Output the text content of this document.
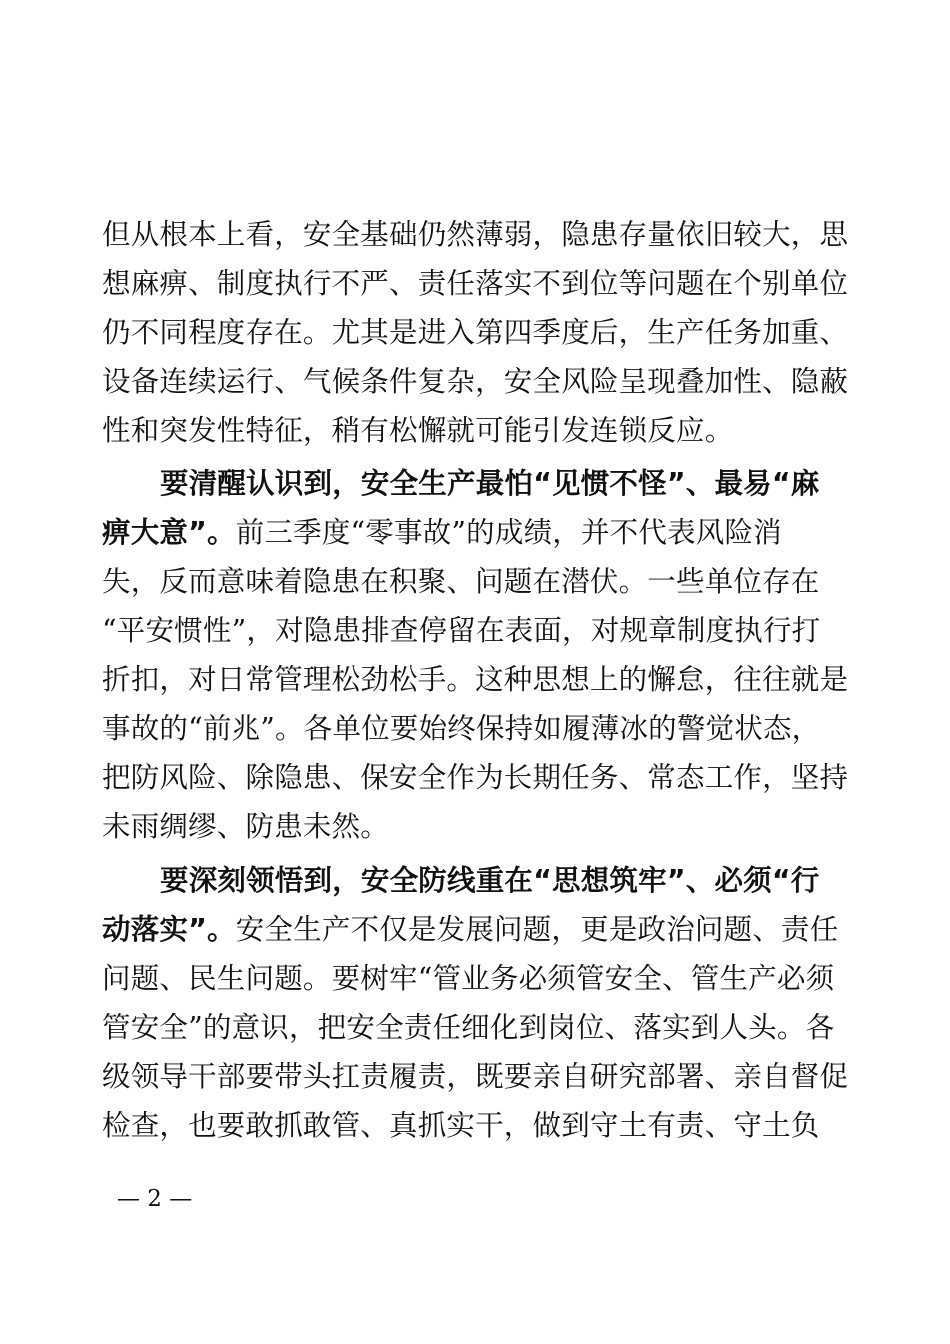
但从根本上看，安全基础仍然薄弱，隐患存量依旧较大，思
想麻痹、制度执行不严、责任落实不到位等问题在个别单位
仍不同程度存在。尤其是进入第四季度后，生产任务加重、
设备连续运行、气候条件复杂，安全风险呈现叠加性、隐蔽
性和突发性特征，稍有松懈就可能引发连锁反应。
要清醒认识到，安全生产最怕“见惯不怪”、最易“麻
痹大意”。前三季度“零事故”的成绩，并不代表风险消
失，反而意味着隐患在积聚、问题在潜伏。一些单位存在
“平安惯性”，对隐患排查停留在表面，对规章制度执行打
折扣，对日常管理松劲松手。这种思想上的懈怠，往往就是
事故的“前兆”。各单位要始终保持如履薄冰的警觉状态，
把防风险、除隐患、保安全作为长期任务、常态工作，坚持
未雨绸缪、防患未然。
要深刻领悟到，安全防线重在“思想筑牢”、必须“行
动落实”。安全生产不仅是发展问题，更是政治问题、责任
问题、民生问题。要树牢“管业务必须管安全、管生产必须
管安全”的意识，把安全责任细化到岗位、落实到人头。各
级领导干部要带头扛责履责，既要亲自研究部署、亲自督促
检查，也要敢抓敢管、真抓实干，做到守土有责、守土负
— 2 —
